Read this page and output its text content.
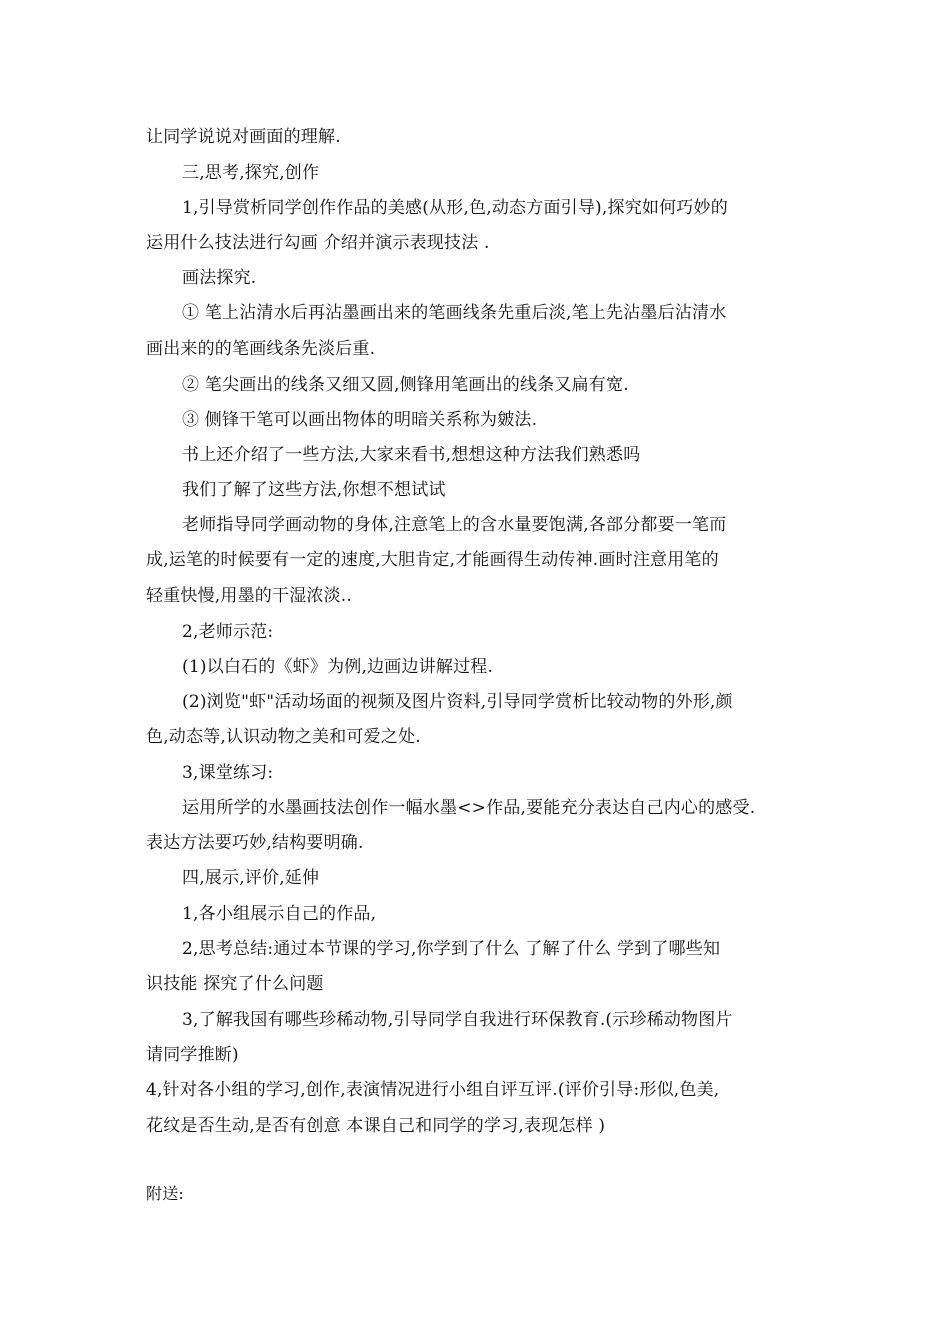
让同学说说对画面的理解.
三,思考,探究,创作
1,引导赏析同学创作作品的美感(从形,色,动态方面引导),探究如何巧妙的
运用什么技法进行勾画 介绍并演示表现技法 .
画法探究.
① 笔上沾清水后再沾墨画出来的笔画线条先重后淡,笔上先沾墨后沾清水
画出来的的笔画线条先淡后重.
② 笔尖画出的线条又细又圆,侧锋用笔画出的线条又扁有宽.
③ 侧锋干笔可以画出物体的明暗关系称为皴法.
书上还介绍了一些方法,大家来看书,想想这种方法我们熟悉吗
我们了解了这些方法,你想不想试试
老师指导同学画动物的身体,注意笔上的含水量要饱满,各部分都要一笔而
成,运笔的时候要有一定的速度,大胆肯定,才能画得生动传神.画时注意用笔的
轻重快慢,用墨的干湿浓淡..
2,老师示范:
(1)以白石的《虾》为例,边画边讲解过程.
(2)浏览"虾"活动场面的视频及图片资料,引导同学赏析比较动物的外形,颜
色,动态等,认识动物之美和可爱之处.
3,课堂练习:
运用所学的水墨画技法创作一幅水墨<>作品,要能充分表达自己内心的感受.
表达方法要巧妙,结构要明确.
四,展示,评价,延伸
1,各小组展示自己的作品,
2,思考总结:通过本节课的学习,你学到了什么 了解了什么 学到了哪些知
识技能 探究了什么问题
3,了解我国有哪些珍稀动物,引导同学自我进行环保教育.(示珍稀动物图片
请同学推断)
4,针对各小组的学习,创作,表演情况进行小组自评互评.(评价引导:形似,色美,
花纹是否生动,是否有创意 本课自己和同学的学习,表现怎样 )
附送:
